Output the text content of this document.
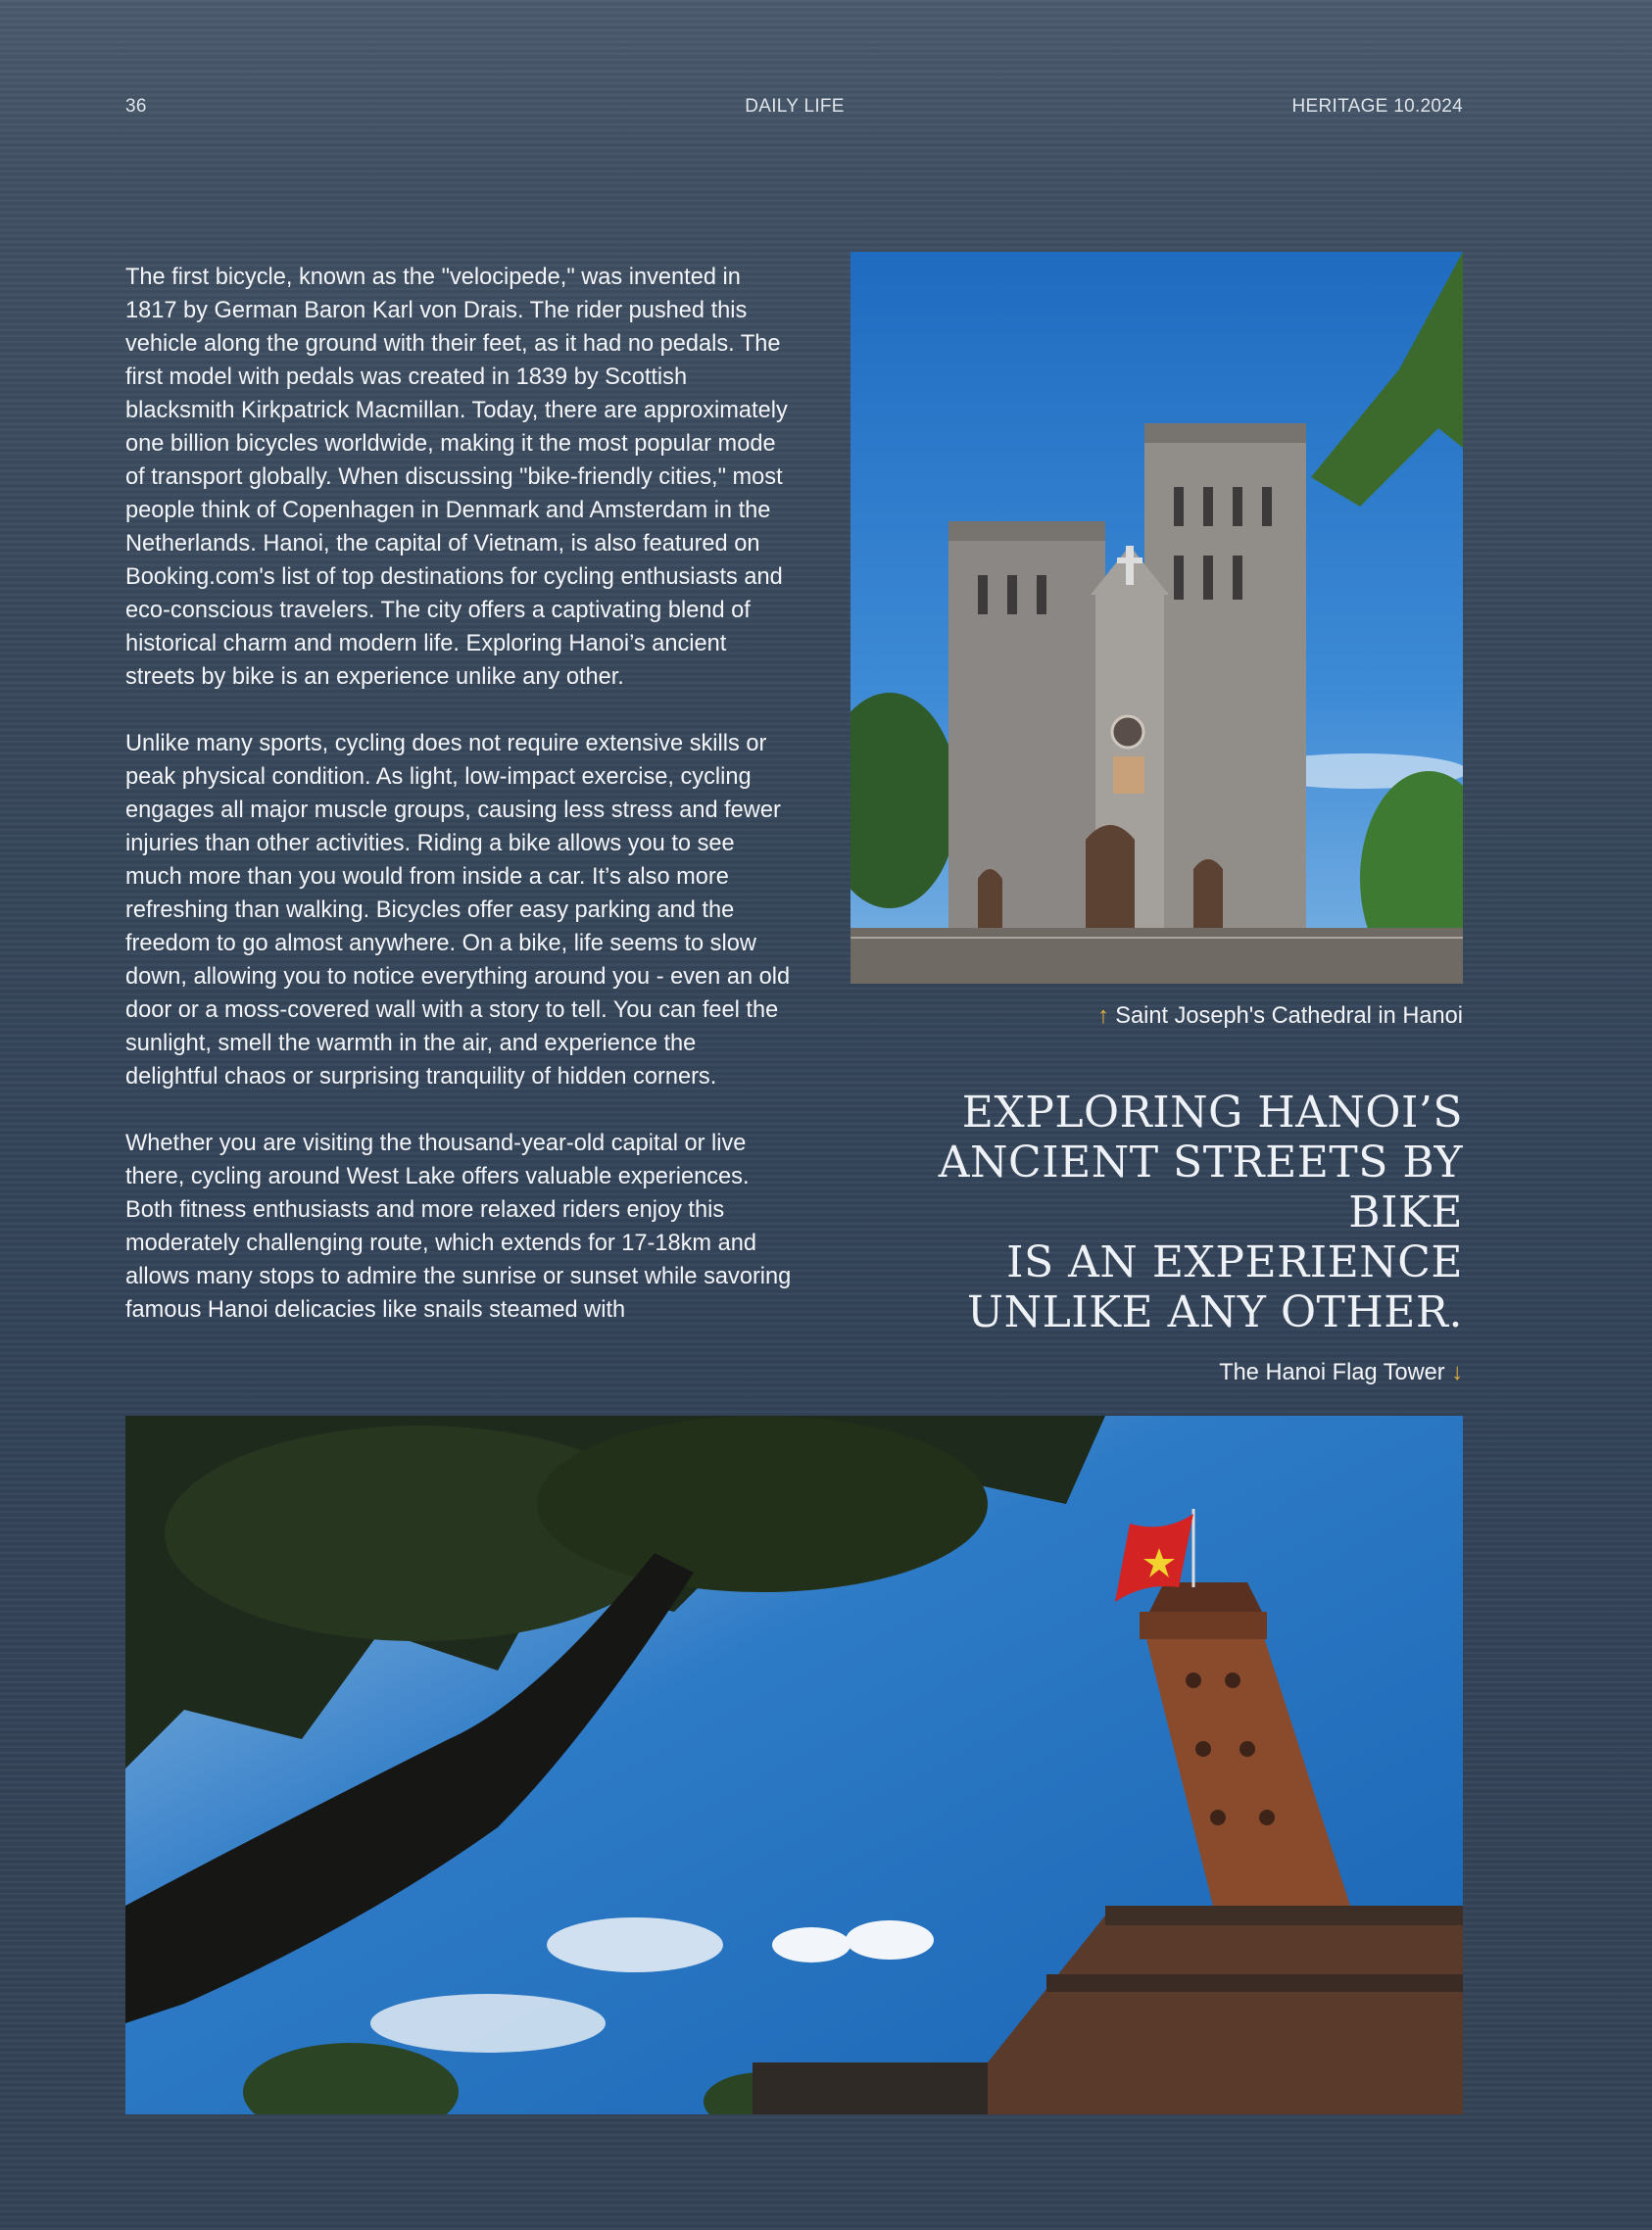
36	DAILY LIFE	HERITAGE 10.2024

The first bicycle, known as the "velocipede," was invented in 1817 by German Baron Karl von Drais. The rider pushed this vehicle along the ground with their feet, as it had no pedals. The first model with pedals was created in 1839 by Scottish blacksmith Kirkpatrick Macmillan. Today, there are approximately one billion bicycles worldwide, making it the most popular mode of transport globally. When discussing "bike-friendly cities," most people think of Copenhagen in Denmark and Amsterdam in the Netherlands. Hanoi, the capital of Vietnam, is also featured on Booking.com's list of top destinations for cycling enthusiasts and eco-conscious travelers. The city offers a captivating blend of historical charm and modern life. Exploring Hanoi’s ancient streets by bike is an experience unlike any other.

Unlike many sports, cycling does not require extensive skills or peak physical condition. As light, low-impact exercise, cycling engages all major muscle groups, causing less stress and fewer injuries than other activities. Riding a bike allows you to see much more than you would from inside a car. It’s also more refreshing than walking. Bicycles offer easy parking and the freedom to go almost anywhere. On a bike, life seems to slow down, allowing you to notice everything around you - even an old door or a moss-covered wall with a story to tell. You can feel the sunlight, smell the warmth in the air, and experience the delightful chaos or surprising tranquility of hidden corners.

Whether you are visiting the thousand-year-old capital or live there, cycling around West Lake offers valuable experiences. Both fitness enthusiasts and more relaxed riders enjoy this moderately challenging route, which extends for 17-18km and allows many stops to admire the sunrise or sunset while savoring famous Hanoi delicacies like snails steamed with

↑ Saint Joseph's Cathedral in Hanoi
EXPLORING HANOI’S
ANCIENT STREETS BY BIKE
IS AN EXPERIENCE
UNLIKE ANY OTHER.
The Hanoi Flag Tower ↓
